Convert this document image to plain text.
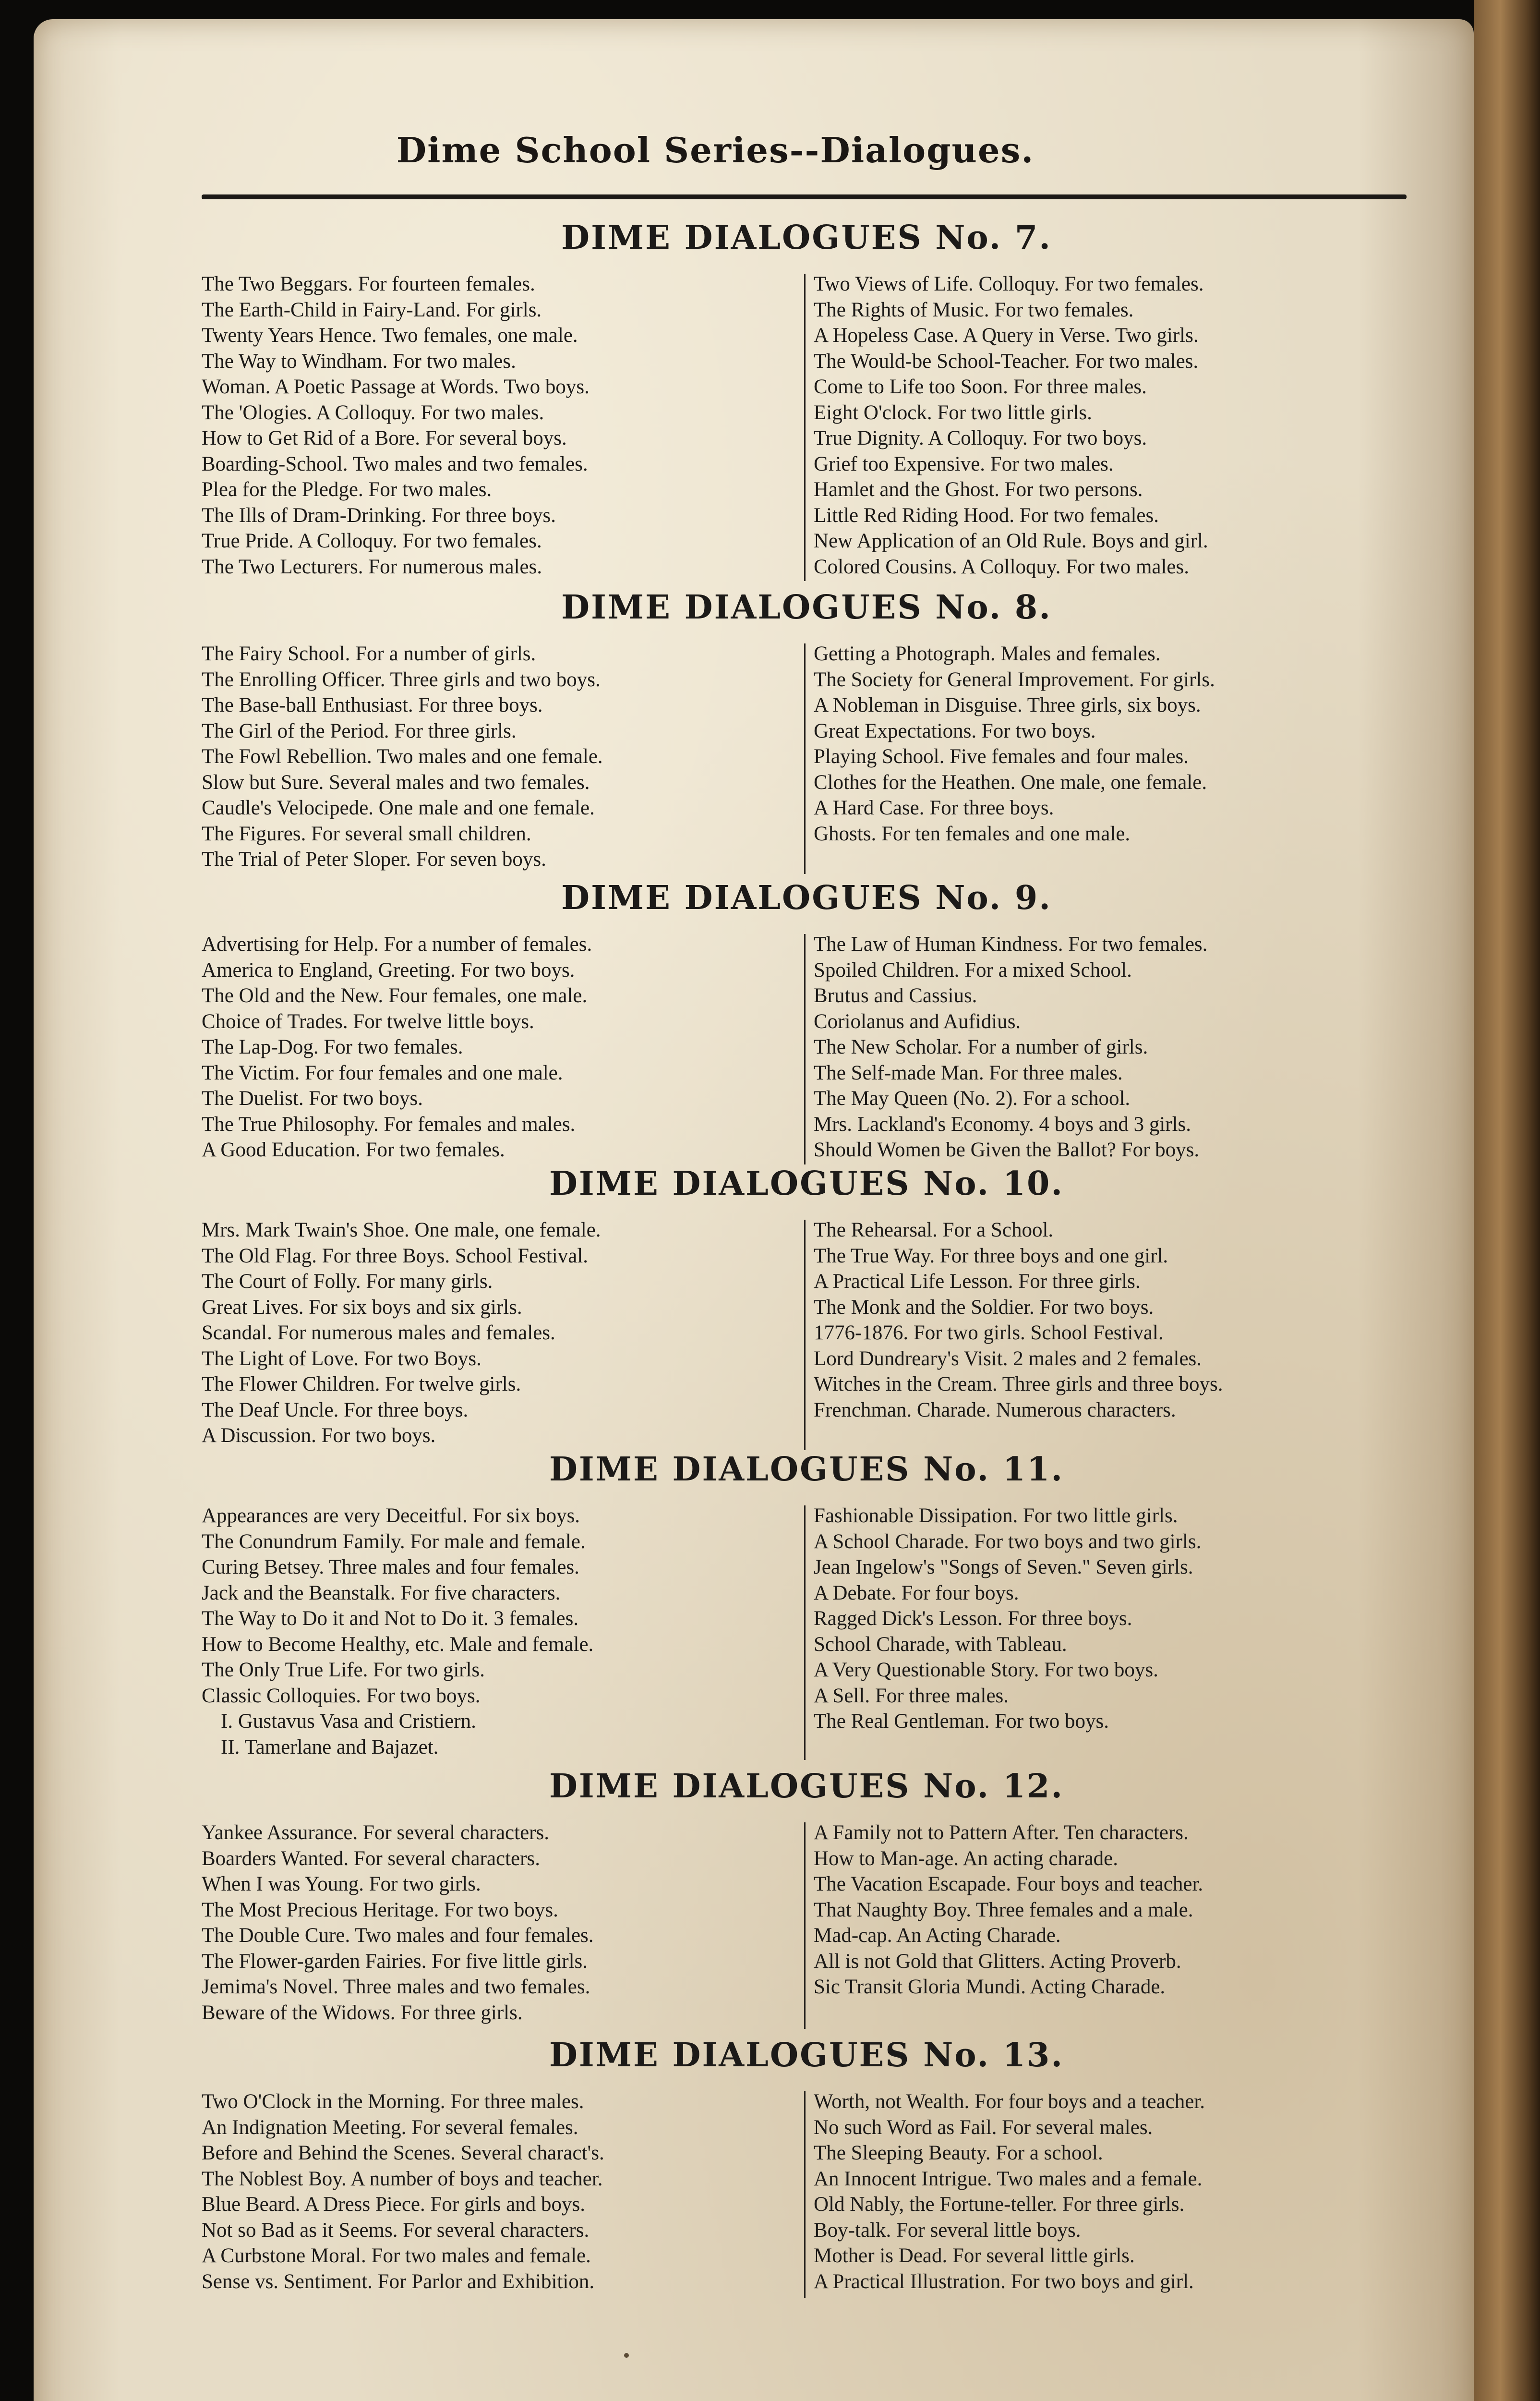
Dime School Series--Dialogues.
DIME DIALOGUES No. 7.
The Two Beggars. For fourteen females.
The Earth-Child in Fairy-Land. For girls.
Twenty Years Hence. Two females, one male.
The Way to Windham. For two males.
Woman. A Poetic Passage at Words. Two boys.
The 'Ologies. A Colloquy. For two males.
How to Get Rid of a Bore. For several boys.
Boarding-School. Two males and two females.
Plea for the Pledge. For two males.
The Ills of Dram-Drinking. For three boys.
True Pride. A Colloquy. For two females.
The Two Lecturers. For numerous males.
Two Views of Life. Colloquy. For two females.
The Rights of Music. For two females.
A Hopeless Case. A Query in Verse. Two girls.
The Would-be School-Teacher. For two males.
Come to Life too Soon. For three males.
Eight O'clock. For two little girls.
True Dignity. A Colloquy. For two boys.
Grief too Expensive. For two males.
Hamlet and the Ghost. For two persons.
Little Red Riding Hood. For two females.
New Application of an Old Rule. Boys and girl.
Colored Cousins. A Colloquy. For two males.
DIME DIALOGUES No. 8.
The Fairy School. For a number of girls.
The Enrolling Officer. Three girls and two boys.
The Base-ball Enthusiast. For three boys.
The Girl of the Period. For three girls.
The Fowl Rebellion. Two males and one female.
Slow but Sure. Several males and two females.
Caudle's Velocipede. One male and one female.
The Figures. For several small children.
The Trial of Peter Sloper. For seven boys.
Getting a Photograph. Males and females.
The Society for General Improvement. For girls.
A Nobleman in Disguise. Three girls, six boys.
Great Expectations. For two boys.
Playing School. Five females and four males.
Clothes for the Heathen. One male, one female.
A Hard Case. For three boys.
Ghosts. For ten females and one male.
DIME DIALOGUES No. 9.
Advertising for Help. For a number of females.
America to England, Greeting. For two boys.
The Old and the New. Four females, one male.
Choice of Trades. For twelve little boys.
The Lap-Dog. For two females.
The Victim. For four females and one male.
The Duelist. For two boys.
The True Philosophy. For females and males.
A Good Education. For two females.
The Law of Human Kindness. For two females.
Spoiled Children. For a mixed School.
Brutus and Cassius.
Coriolanus and Aufidius.
The New Scholar. For a number of girls.
The Self-made Man. For three males.
The May Queen (No. 2). For a school.
Mrs. Lackland's Economy. 4 boys and 3 girls.
Should Women be Given the Ballot? For boys.
DIME DIALOGUES No. 10.
Mrs. Mark Twain's Shoe. One male, one female.
The Old Flag. For three Boys. School Festival.
The Court of Folly. For many girls.
Great Lives. For six boys and six girls.
Scandal. For numerous males and females.
The Light of Love. For two Boys.
The Flower Children. For twelve girls.
The Deaf Uncle. For three boys.
A Discussion. For two boys.
The Rehearsal. For a School.
The True Way. For three boys and one girl.
A Practical Life Lesson. For three girls.
The Monk and the Soldier. For two boys.
1776-1876. For two girls. School Festival.
Lord Dundreary's Visit. 2 males and 2 females.
Witches in the Cream. Three girls and three boys.
Frenchman. Charade. Numerous characters.
DIME DIALOGUES No. 11.
Appearances are very Deceitful. For six boys.
The Conundrum Family. For male and female.
Curing Betsey. Three males and four females.
Jack and the Beanstalk. For five characters.
The Way to Do it and Not to Do it. 3 females.
How to Become Healthy, etc. Male and female.
The Only True Life. For two girls.
Classic Colloquies. For two boys.
I. Gustavus Vasa and Cristiern.
II. Tamerlane and Bajazet.
Fashionable Dissipation. For two little girls.
A School Charade. For two boys and two girls.
Jean Ingelow's "Songs of Seven." Seven girls.
A Debate. For four boys.
Ragged Dick's Lesson. For three boys.
School Charade, with Tableau.
A Very Questionable Story. For two boys.
A Sell. For three males.
The Real Gentleman. For two boys.
DIME DIALOGUES No. 12.
Yankee Assurance. For several characters.
Boarders Wanted. For several characters.
When I was Young. For two girls.
The Most Precious Heritage. For two boys.
The Double Cure. Two males and four females.
The Flower-garden Fairies. For five little girls.
Jemima's Novel. Three males and two females.
Beware of the Widows. For three girls.
A Family not to Pattern After. Ten characters.
How to Man-age. An acting charade.
The Vacation Escapade. Four boys and teacher.
That Naughty Boy. Three females and a male.
Mad-cap. An Acting Charade.
All is not Gold that Glitters. Acting Proverb.
Sic Transit Gloria Mundi. Acting Charade.
DIME DIALOGUES No. 13.
Two O'Clock in the Morning. For three males.
An Indignation Meeting. For several females.
Before and Behind the Scenes. Several charact's.
The Noblest Boy. A number of boys and teacher.
Blue Beard. A Dress Piece. For girls and boys.
Not so Bad as it Seems. For several characters.
A Curbstone Moral. For two males and female.
Sense vs. Sentiment. For Parlor and Exhibition.
Worth, not Wealth. For four boys and a teacher.
No such Word as Fail. For several males.
The Sleeping Beauty. For a school.
An Innocent Intrigue. Two males and a female.
Old Nably, the Fortune-teller. For three girls.
Boy-talk. For several little boys.
Mother is Dead. For several little girls.
A Practical Illustration. For two boys and girl.
